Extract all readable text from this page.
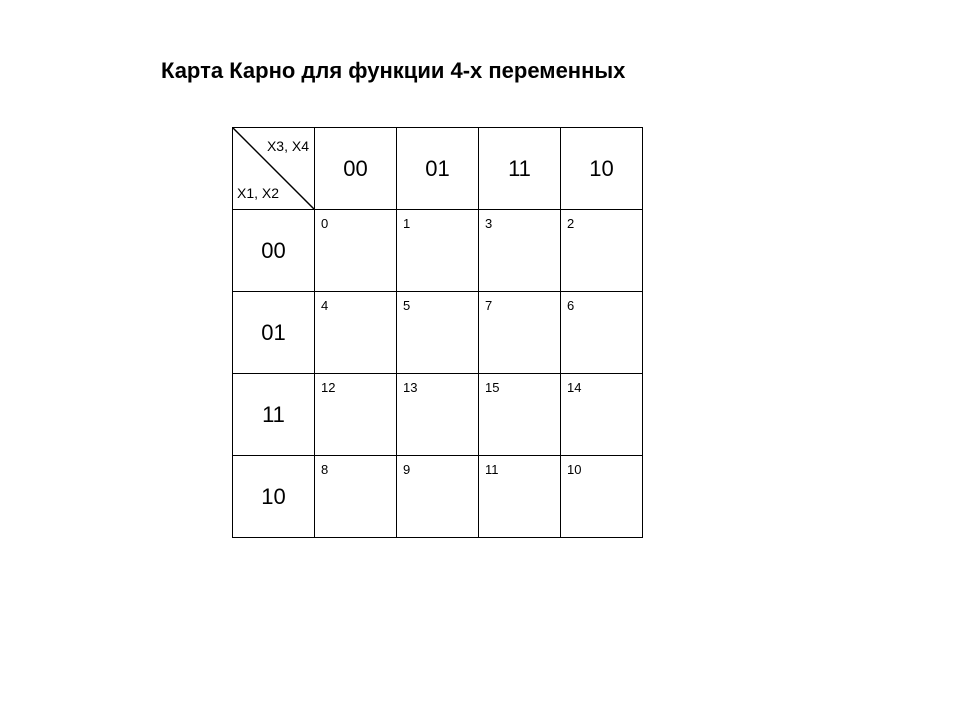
Карта Карно для функции 4-х переменных
X3, X4
X1, X2	00	01	11	10
00	0	1	3	2

01	4	5	7	6

11	12	13	15	14

10	8	9	11	10
